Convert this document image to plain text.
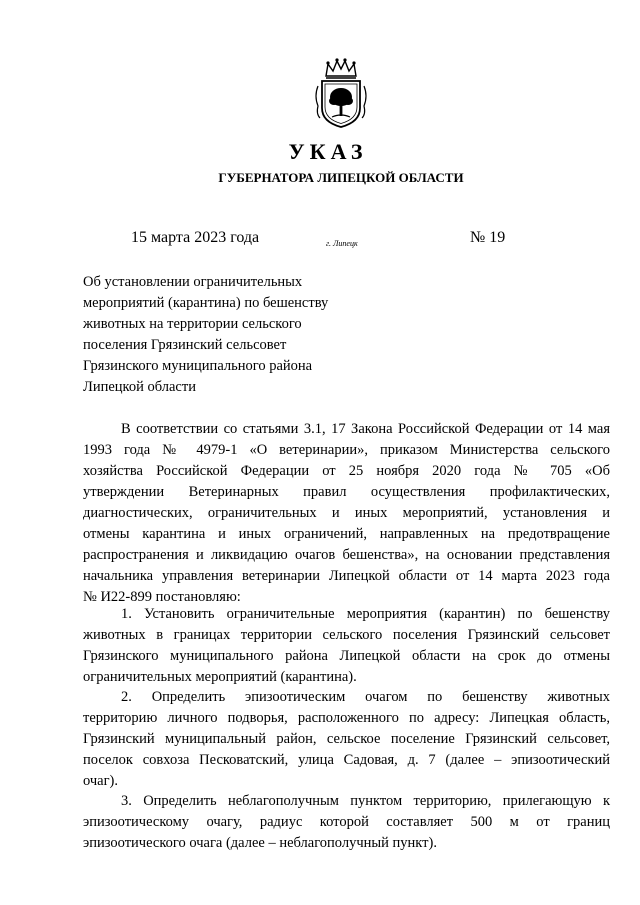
УКАЗ
ГУБЕРНАТОРА ЛИПЕЦКОЙ ОБЛАСТИ
15 марта 2023 года	г. Липецк	№ 19
Об установлении ограничительных
мероприятий (карантина) по бешенству
животных на территории сельского
поселения Грязинский сельсовет
Грязинского муниципального района
Липецкой области
В соответствии со статьями 3.1, 17 Закона Российской Федерации от 14 мая
1993 года № 4979-1 «О ветеринарии», приказом Министерства сельского
хозяйства Российской Федерации от 25 ноября 2020 года № 705 «Об
утверждении Ветеринарных правил осуществления профилактических,
диагностических, ограничительных и иных мероприятий, установления и
отмены карантина и иных ограничений, направленных на предотвращение
распространения и ликвидацию очагов бешенства», на основании представления
начальника управления ветеринарии Липецкой области от 14 марта 2023 года
№ И22-899 постановляю:
1. Установить ограничительные мероприятия (карантин) по бешенству
животных в границах территории сельского поселения Грязинский сельсовет
Грязинского муниципального района Липецкой области на срок до отмены
ограничительных мероприятий (карантина).
2. Определить эпизоотическим очагом по бешенству животных
территорию личного подворья, расположенного по адресу: Липецкая область,
Грязинский муниципальный район, сельское поселение Грязинский сельсовет,
поселок совхоза Песковатский, улица Садовая, д. 7 (далее – эпизоотический
очаг).
3. Определить неблагополучным пунктом территорию, прилегающую к
эпизоотическому очагу, радиус которой составляет 500 м от границ
эпизоотического очага (далее – неблагополучный пункт).
